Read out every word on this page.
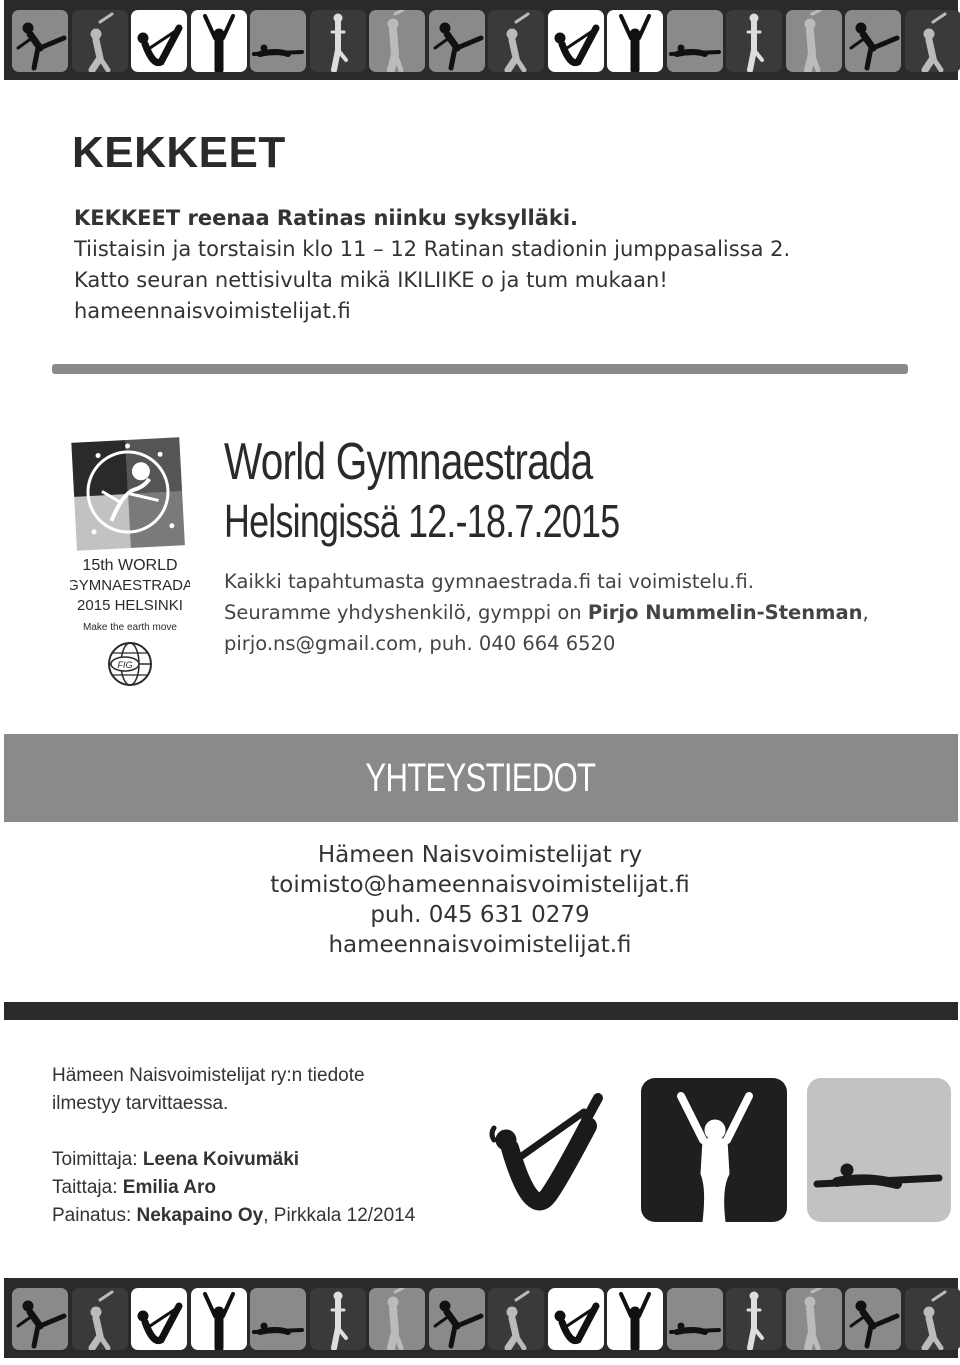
KEKKEET
KEKKEET reenaa Ratinas niinku syksylläki.
Tiistaisin ja torstaisin klo 11 – 12 Ratinan stadionin jumppasalissa 2.
Katto seuran nettisivulta mikä IKILIIKE o ja tum mukaan!
hameennaisvoimistelijat.fi
15th WORLD
GYMNAESTRADA
2015 HELSINKI
Make the earth move
FIG
World Gymnaestrada
Helsingissä 12.-18.7.2015
Kaikki tapahtumasta gymnaestrada.fi tai voimistelu.fi.
Seuramme yhdyshenkilö, gymppi on Pirjo Nummelin-Stenman,
pirjo.ns@gmail.com, puh. 040 664 6520
YHTEYSTIEDOT
Hämeen Naisvoimistelijat ry
toimisto@hameennaisvoimistelijat.fi
puh. 045 631 0279
hameennaisvoimistelijat.fi
Hämeen Naisvoimistelijat ry:n tiedote
ilmestyy tarvittaessa.
Toimittaja: Leena Koivumäki
Taittaja: Emilia Aro
Painatus: Nekapaino Oy, Pirkkala 12/2014
